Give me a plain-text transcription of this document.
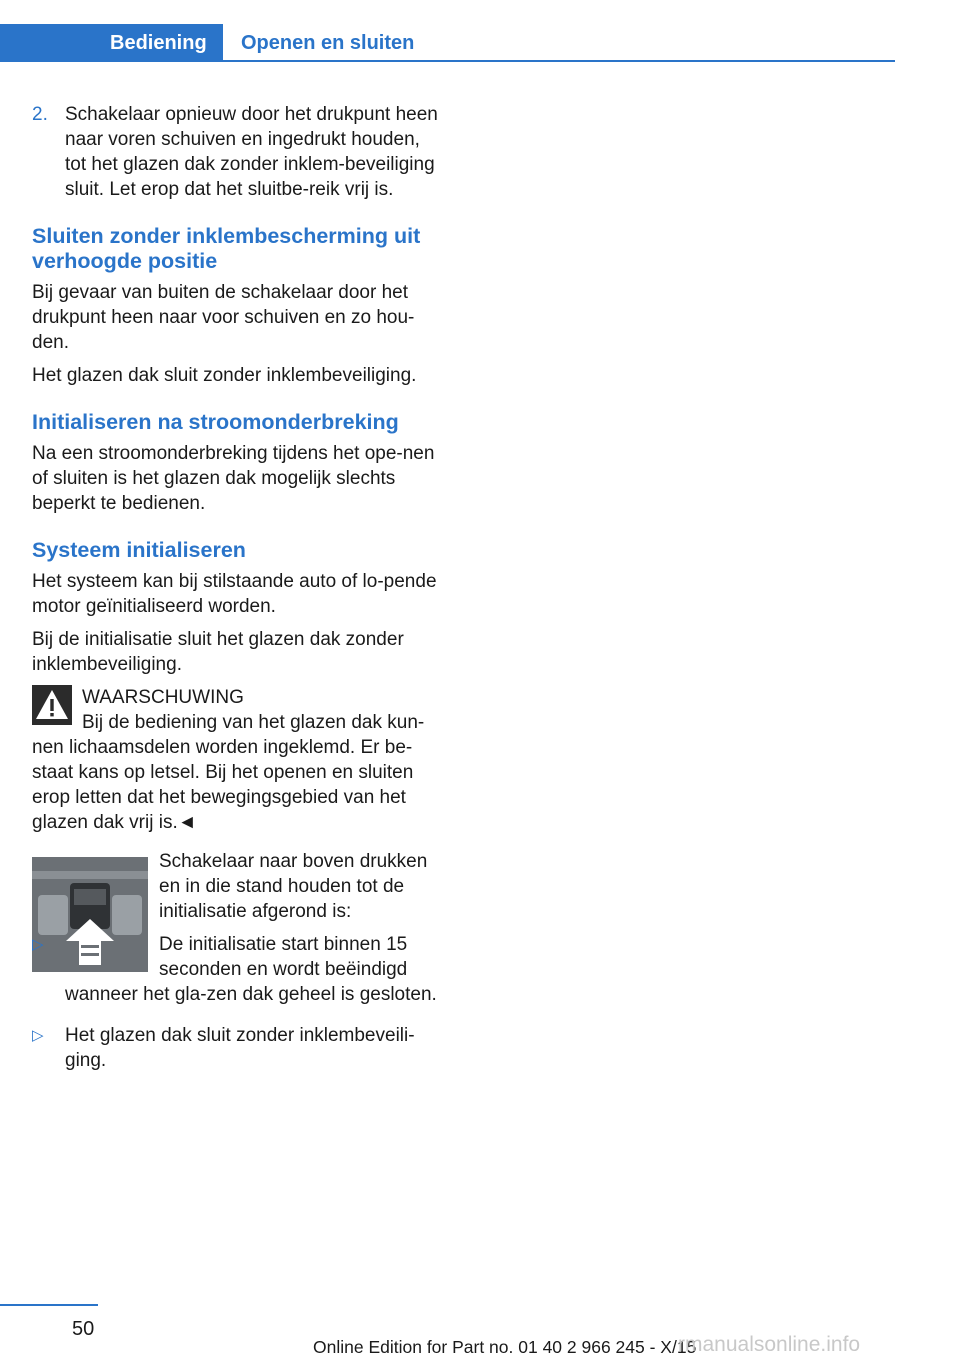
Bediening	Openen en sluiten
2. Schakelaar opnieuw door het drukpunt heen naar voren schuiven en ingedrukt houden, tot het glazen dak zonder inklem‐beveiliging sluit. Let erop dat het sluitbe‐reik vrij is.
Sluiten zonder inklembescherming uit verhoogde positie

Bij gevaar van buiten de schakelaar door het drukpunt heen naar voor schuiven en zo hou‐den.

Het glazen dak sluit zonder inklembeveiliging.

Initialiseren na stroomonderbreking

Na een stroomonderbreking tijdens het ope‐nen of sluiten is het glazen dak mogelijk slechts beperkt te bedienen.

Systeem initialiseren

Het systeem kan bij stilstaande auto of lo‐pende motor geïnitialiseerd worden.

Bij de initialisatie sluit het glazen dak zonder inklembeveiliging.

WAARSCHUWING

Bij de bediening van het glazen dak kun‐nen lichaamsdelen worden ingeklemd. Er be‐staat kans op letsel. Bij het openen en sluiten erop letten dat het bewegingsgebied van het glazen dak vrij is.◄

Schakelaar naar boven drukken en in die stand houden tot de initialisatie afgerond is:

▷	De initialisatie start binnen 15 seconden en wordt beëindigd wanneer het gla‐zen dak geheel is gesloten.
▷ Het glazen dak sluit zonder inklembeveili‐ging.
50
Online Edition for Part no. 01 40 2 966 245 - X/15
rmanualsonline.info
